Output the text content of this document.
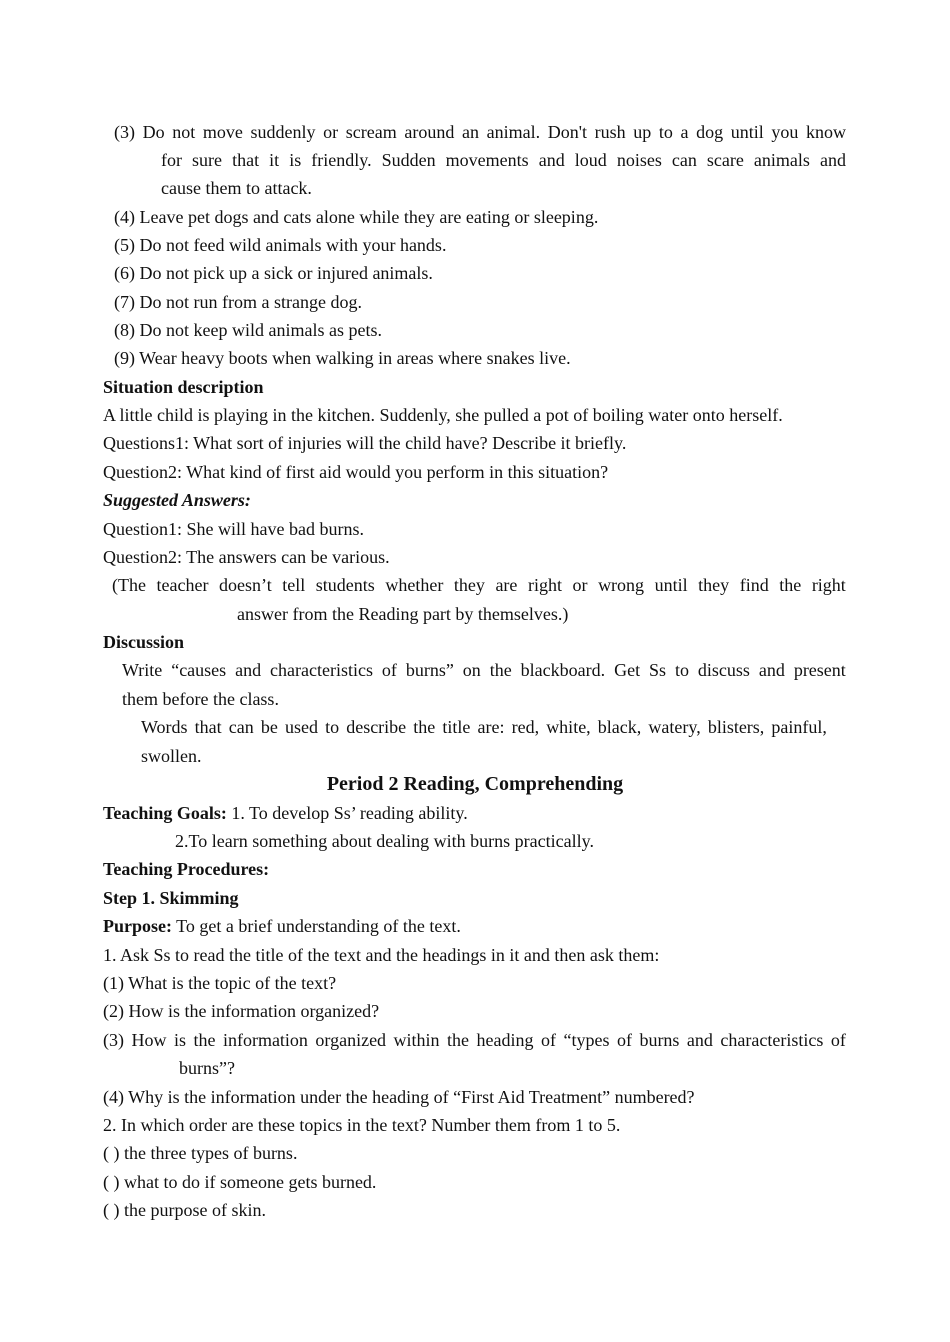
(3) Do not move suddenly or scream around an animal. Don't rush up to a dog until you know
for sure that it is friendly. Sudden movements and loud noises can scare animals and
cause them to attack.
(4) Leave pet dogs and cats alone while they are eating or sleeping.
(5) Do not feed wild animals with your hands.
(6) Do not pick up a sick or injured animals.
(7) Do not run from a strange dog.
(8) Do not keep wild animals as pets.
(9) Wear heavy boots when walking in areas where snakes live.
Situation description
A little child is playing in the kitchen. Suddenly, she pulled a pot of boiling water onto herself.
Questions1: What sort of injuries will the child have? Describe it briefly.
Question2: What kind of first aid would you perform in this situation?
Suggested Answers:
Question1: She will have bad burns.
Question2: The answers can be various.
(The teacher doesn’t tell students whether they are right or wrong until they find the right
answer from the Reading part by themselves.)
Discussion
Write “causes and characteristics of burns” on the blackboard. Get Ss to discuss and present
them before the class.
Words that can be used to describe the title are: red, white, black, watery, blisters, painful,
swollen.
Period 2 Reading, Comprehending
Teaching Goals: 1. To develop Ss’ reading ability.
2.To learn something about dealing with burns practically.
Teaching Procedures:
Step 1. Skimming
Purpose: To get a brief understanding of the text.
1. Ask Ss to read the title of the text and the headings in it and then ask them:
(1) What is the topic of the text?
(2) How is the information organized?
(3) How is the information organized within the heading of “types of burns and characteristics of
burns”?
(4) Why is the information under the heading of “First Aid Treatment” numbered?
2. In which order are these topics in the text? Number them from 1 to 5.
( ) the three types of burns.
( ) what to do if someone gets burned.
( ) the purpose of skin.
